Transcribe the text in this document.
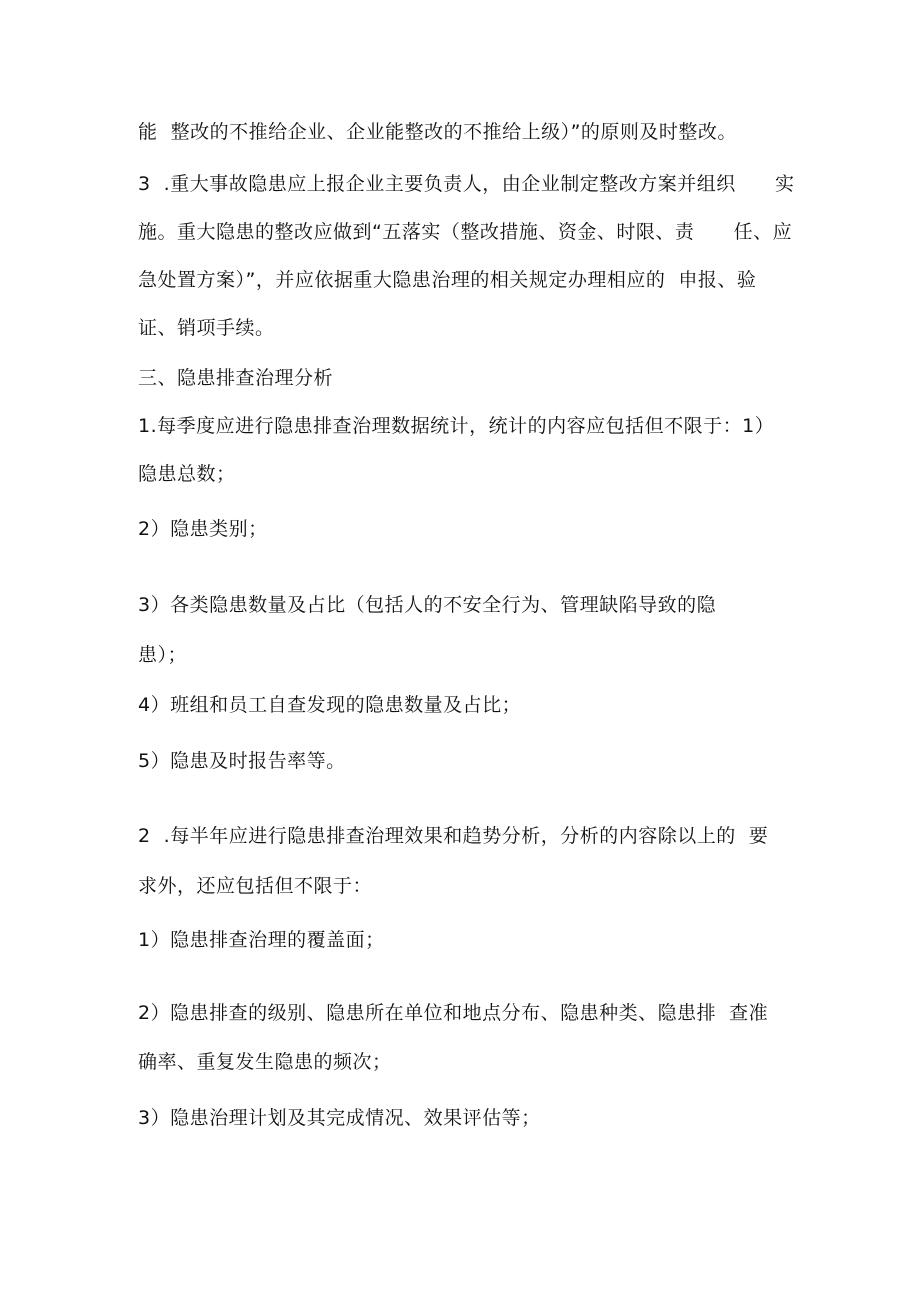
能  整改的不推给企业、企业能整改的不推给上级）”的原则及时整改。
3  .重大事故隐患应上报企业主要负责人，由企业制定整改方案并组织      实
施。重大隐患的整改应做到“五落实（整改措施、资金、时限、责      任、应
急处置方案）”，并应依据重大隐患治理的相关规定办理相应的  申报、验
证、销项手续。
三、隐患排查治理分析
1.每季度应进行隐患排查治理数据统计，统计的内容应包括但不限于：1）
隐患总数；
2）隐患类别；
3）各类隐患数量及占比（包括人的不安全行为、管理缺陷导致的隐
患）；
4）班组和员工自查发现的隐患数量及占比；
5）隐患及时报告率等。
2  .每半年应进行隐患排查治理效果和趋势分析，分析的内容除以上的  要
求外，还应包括但不限于：
1）隐患排查治理的覆盖面；
2）隐患排查的级别、隐患所在单位和地点分布、隐患种类、隐患排  查准
确率、重复发生隐患的频次；
3）隐患治理计划及其完成情况、效果评估等；
